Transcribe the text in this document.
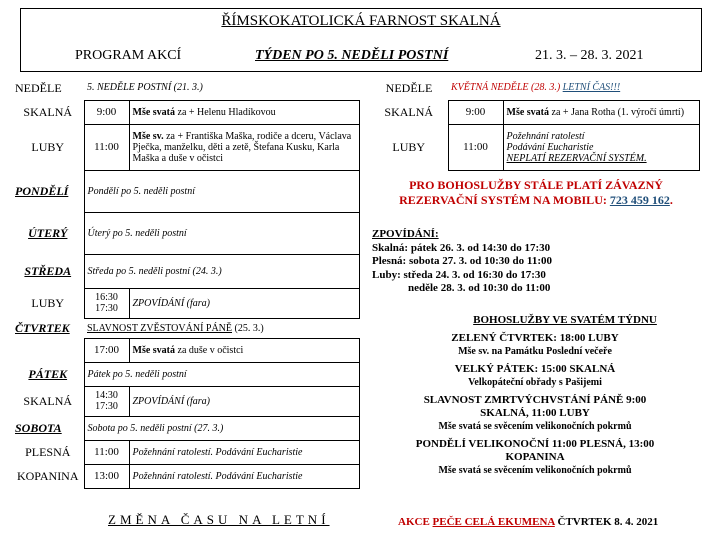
ŘÍMSKOKATOLICKÁ FARNOST SKALNÁ
PROGRAM AKCÍ	TÝDEN PO 5. NEDĚLI POSTNÍ	21. 3. – 28. 3. 2021
NEDĚLE	5. NEDĚLE POSTNÍ (21. 3.)	
SKALNÁ	9:00	Mše svatá za + Helenu Hladíkovou
LUBY	11:00	Mše sv. za + Františka Maška, rodiče a dceru, Václava Pječka, manželku, děti a zetě, Štefana Kusku, Karla Maška a duše v očistci
PONDĚLÍ	Pondělí po 5. neděli postní	
ÚTERÝ	Úterý po 5. neděli postní	
STŘEDA	Středa po 5. neděli postní (24. 3.)	
LUBY	16:30 17:30	ZPOVÍDÁNÍ (fara)
ČTVRTEK	SLAVNOST ZVĚSTOVÁNÍ PÁNĚ (25. 3.)	
	17:00	Mše svatá za duše v očistci
PÁTEK	Pátek po 5. neděli postní	
SKALNÁ	14:30 17:30	ZPOVÍDÁNÍ (fara)
SOBOTA	Sobota po 5. neděli postní (27. 3.)	
PLESNÁ	11:00	Požehnání ratolestí. Podávání Eucharistie
KOPANINA	13:00	Požehnání ratolestí. Podávání Eucharistie
ZMĚNA ČASU NA LETNÍ
NEDĚLE	KVĚTNÁ NEDĚLE (28. 3.) LETNÍ ČAS!!!	
SKALNÁ	9:00	Mše svatá za + Jana Rotha (1. výročí úmrtí)
LUBY	11:00	Požehnání ratolestí
Podávání Eucharistie
NEPLATÍ REZERVAČNÍ SYSTÉM.
PRO BOHOSLUŽBY STÁLE PLATÍ ZÁVAZNÝ REZERVAČNÍ SYSTÉM NA MOBILU: 723 459 162.
ZPOVÍDÁNÍ:
Skalná: pátek 26. 3. od 14:30 do 17:30
Plesná: sobota 27. 3. od 10:30 do 11:00
Luby: středa 24. 3. od 16:30 do 17:30
neděle 28. 3. od 10:30 do 11:00
BOHOSLUŽBY VE SVATÉM TÝDNU
ZELENÝ ČTVRTEK: 18:00 LUBY
Mše sv. na Památku Poslední večeře
VELKÝ PÁTEK: 15:00 SKALNÁ
Velkopáteční obřady s Pašijemi
SLAVNOST ZMRTVÝCHVSTÁNÍ PÁNĚ 9:00 SKALNÁ, 11:00 LUBY
Mše svatá se svěcením velikonočních pokrmů
PONDĚLÍ VELIKONOČNÍ 11:00 PLESNÁ, 13:00 KOPANINA
Mše svatá se svěcením velikonočních pokrmů
AKCE PEČE CELÁ EKUMENA ČTVRTEK 8. 4. 2021
